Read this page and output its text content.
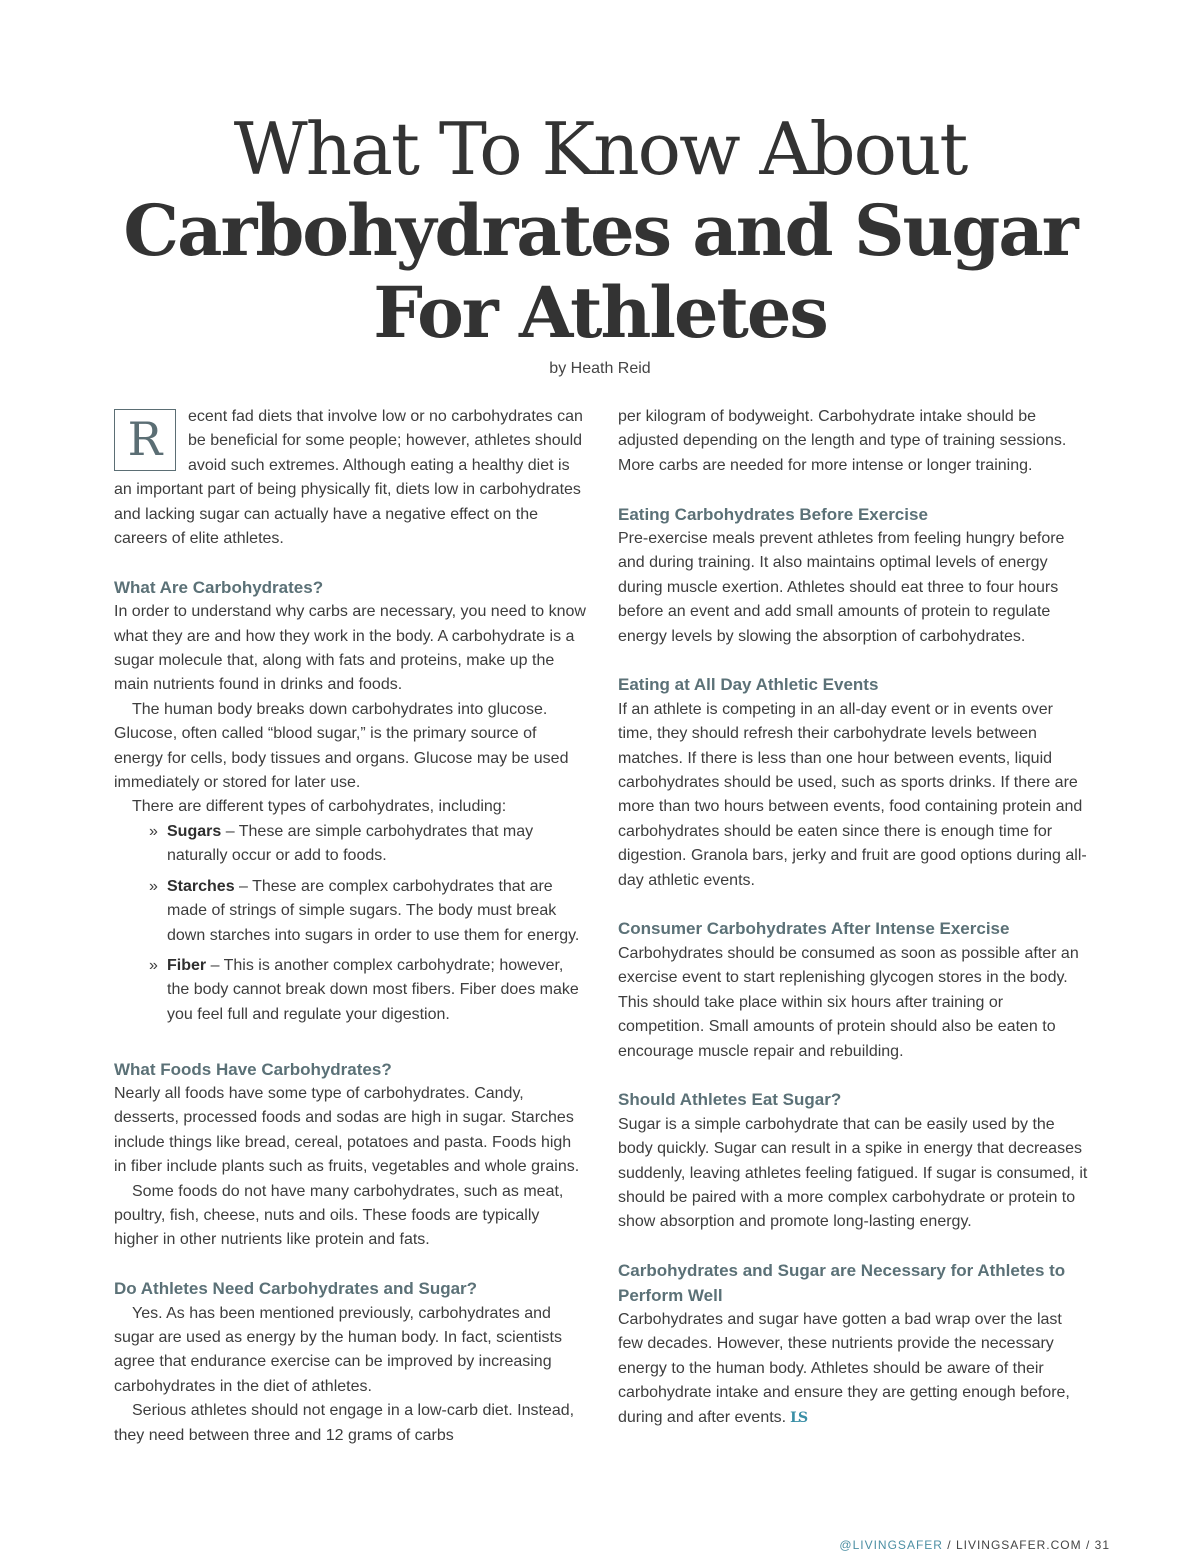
What To Know About
Carbohydrates and Sugar
For Athletes
by Heath Reid

R	ecent fad diets that involve low or no carbohydrates can be beneficial for some people; however, athletes should avoid such extremes. Although eating a healthy diet is an important part of being physically fit, diets low in carbohydrates and lacking sugar can actually have a negative effect on the careers of elite athletes.

What Are Carbohydrates?

In order to understand why carbs are necessary, you need to know what they are and how they work in the body. A carbohydrate is a sugar molecule that, along with fats and proteins, make up the main nutrients found in drinks and foods.

The human body breaks down carbohydrates into glucose. Glucose, often called “blood sugar,” is the primary source of energy for cells, body tissues and organs. Glucose may be used immediately or stored for later use.

There are different types of carbohydrates, including:

» Sugars – These are simple carbohydrates that may naturally occur or add to foods.
» Starches – These are complex carbohydrates that are made of strings of simple sugars. The body must break down starches into sugars in order to use them for energy.
» Fiber – This is another complex carbohydrate; however, the body cannot break down most fibers. Fiber does make you feel full and regulate your digestion.
What Foods Have Carbohydrates?

Nearly all foods have some type of carbohydrates. Candy, desserts, processed foods and sodas are high in sugar. Starches include things like bread, cereal, potatoes and pasta. Foods high in fiber include plants such as fruits, vegetables and whole grains.

Some foods do not have many carbohydrates, such as meat, poultry, fish, cheese, nuts and oils. These foods are typically higher in other nutrients like protein and fats.

Do Athletes Need Carbohydrates and Sugar?

Yes. As has been mentioned previously, carbohydrates and sugar are used as energy by the human body. In fact, scientists agree that endurance exercise can be improved by increasing carbohydrates in the diet of athletes.

Serious athletes should not engage in a low-carb diet. Instead, they need between three and 12 grams of carbs

per kilogram of bodyweight. Carbohydrate intake should be adjusted depending on the length and type of training sessions. More carbs are needed for more intense or longer training.

Eating Carbohydrates Before Exercise

Pre-exercise meals prevent athletes from feeling hungry before and during training. It also maintains optimal levels of energy during muscle exertion. Athletes should eat three to four hours before an event and add small amounts of protein to regulate energy levels by slowing the absorption of carbohydrates.

Eating at All Day Athletic Events

If an athlete is competing in an all-day event or in events over time, they should refresh their carbohydrate levels between matches. If there is less than one hour between events, liquid carbohydrates should be used, such as sports drinks. If there are more than two hours between events, food containing protein and carbohydrates should be eaten since there is enough time for digestion. Granola bars, jerky and fruit are good options during all-day athletic events.

Consumer Carbohydrates After Intense Exercise

Carbohydrates should be consumed as soon as possible after an exercise event to start replenishing glycogen stores in the body. This should take place within six hours after training or competition. Small amounts of protein should also be eaten to encourage muscle repair and rebuilding.

Should Athletes Eat Sugar?

Sugar is a simple carbohydrate that can be easily used by the body quickly. Sugar can result in a spike in energy that decreases suddenly, leaving athletes feeling fatigued. If sugar is consumed, it should be paired with a more complex carbohydrate or protein to show absorption and promote long-lasting energy.

Carbohydrates and Sugar are Necessary for Athletes to Perform Well

Carbohydrates and sugar have gotten a bad wrap over the last few decades. However, these nutrients provide the necessary energy to the human body. Athletes should be aware of their carbohydrate intake and ensure they are getting enough before, during and after events. LS

@LIVINGSAFER / LIVINGSAFER.COM / 31
